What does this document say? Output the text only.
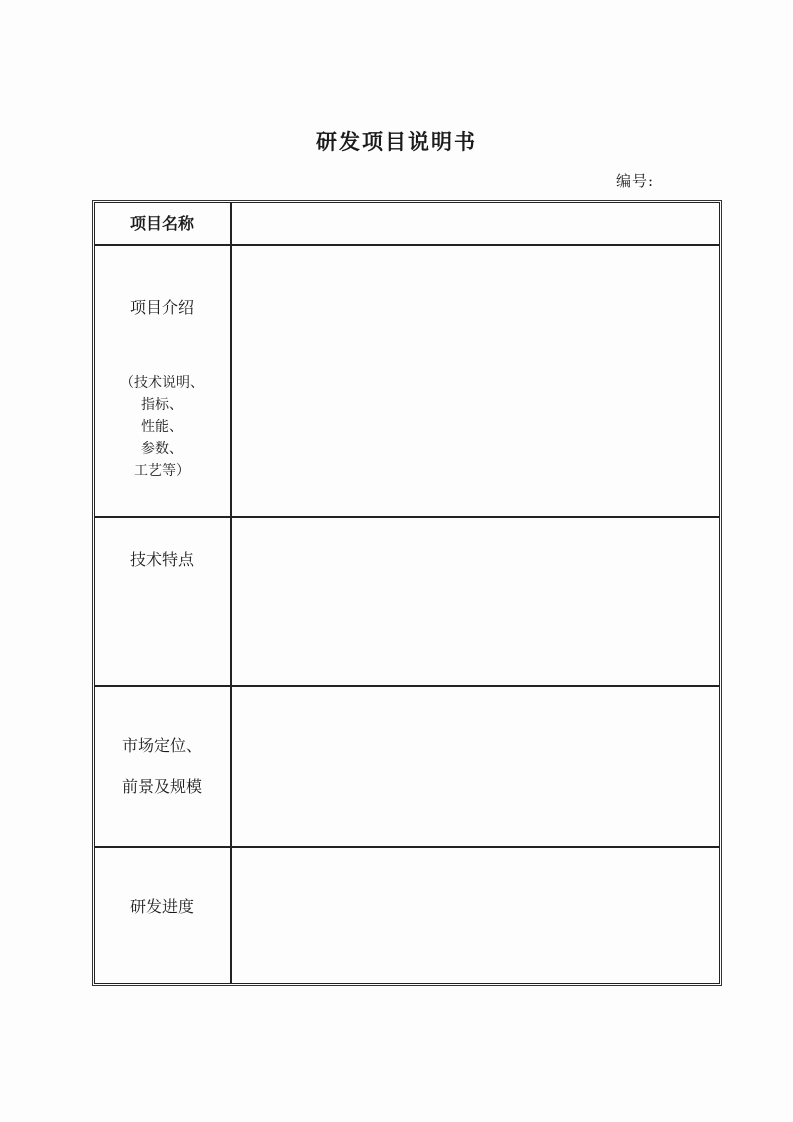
研发项目说明书
编号:
项目名称
项目介绍
（技术说明、
指标、
性能、
参数、
工艺等）
技术特点
市场定位、
前景及规模
研发进度
